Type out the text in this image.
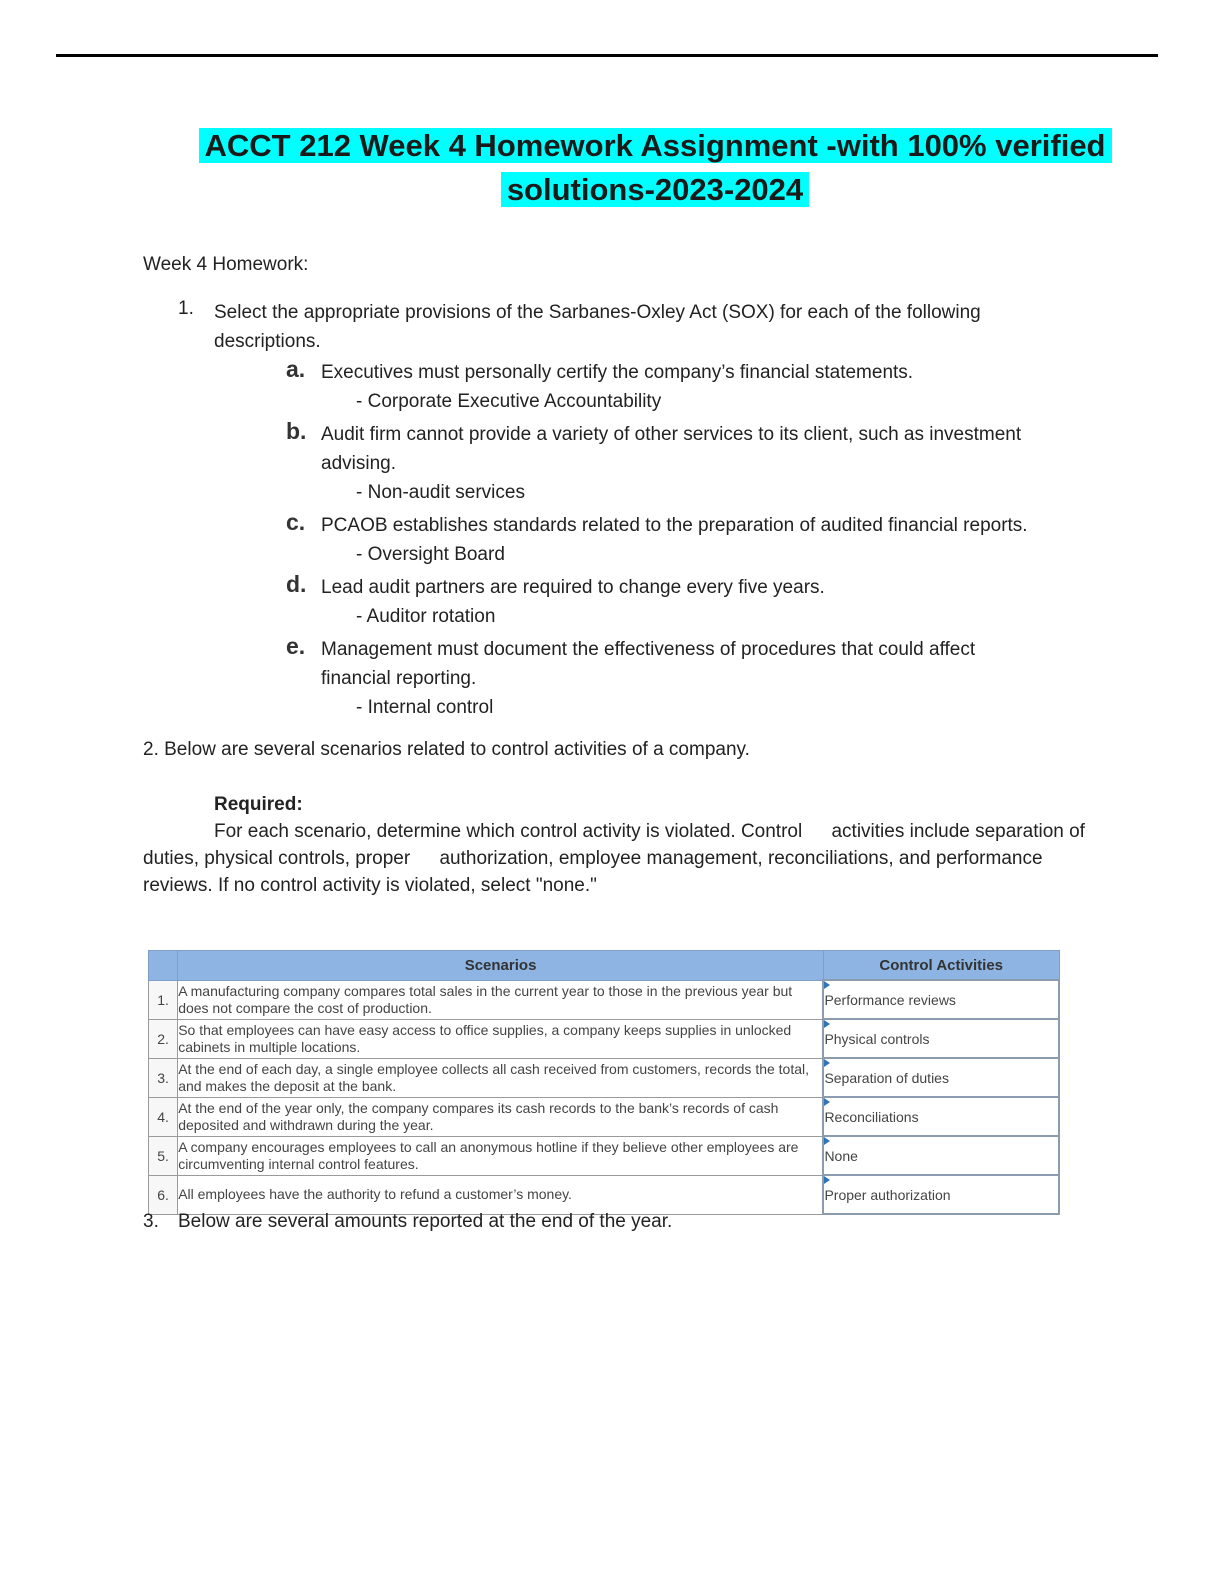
ACCT 212 Week 4 Homework Assignment -with 100% verified
solutions-2023-2024
Week 4 Homework:
1. Select the appropriate provisions of the Sarbanes-Oxley Act (SOX) for each of the following descriptions.
a. Executives must personally certify the company’s financial statements.
- Corporate Executive Accountability
b. Audit firm cannot provide a variety of other services to its client, such as investment advising.
- Non-audit services
c. PCAOB establishes standards related to the preparation of audited financial reports.
- Oversight Board
d. Lead audit partners are required to change every five years.
- Auditor rotation
e. Management must document the effectiveness of procedures that could affect financial reporting.
- Internal control
2. Below are several scenarios related to control activities of a company.
Required:
For each scenario, determine which control activity is violated. Control activities include separation of duties, physical controls, proper authorization, employee management, reconciliations, and performance reviews. If no control activity is violated, select "none."
	Scenarios	Control Activities
1.	A manufacturing company compares total sales in the current year to those in the previous year but does not compare the cost of production.	Performance reviews
2.	So that employees can have easy access to office supplies, a company keeps supplies in unlocked cabinets in multiple locations.	Physical controls
3.	At the end of each day, a single employee collects all cash received from customers, records the total, and makes the deposit at the bank.	Separation of duties
4.	At the end of the year only, the company compares its cash records to the bank’s records of cash deposited and withdrawn during the year.	Reconciliations
5.	A company encourages employees to call an anonymous hotline if they believe other employees are circumventing internal control features.	None
6.	All employees have the authority to refund a customer’s money.	Proper authorization
3. Below are several amounts reported at the end of the year.
